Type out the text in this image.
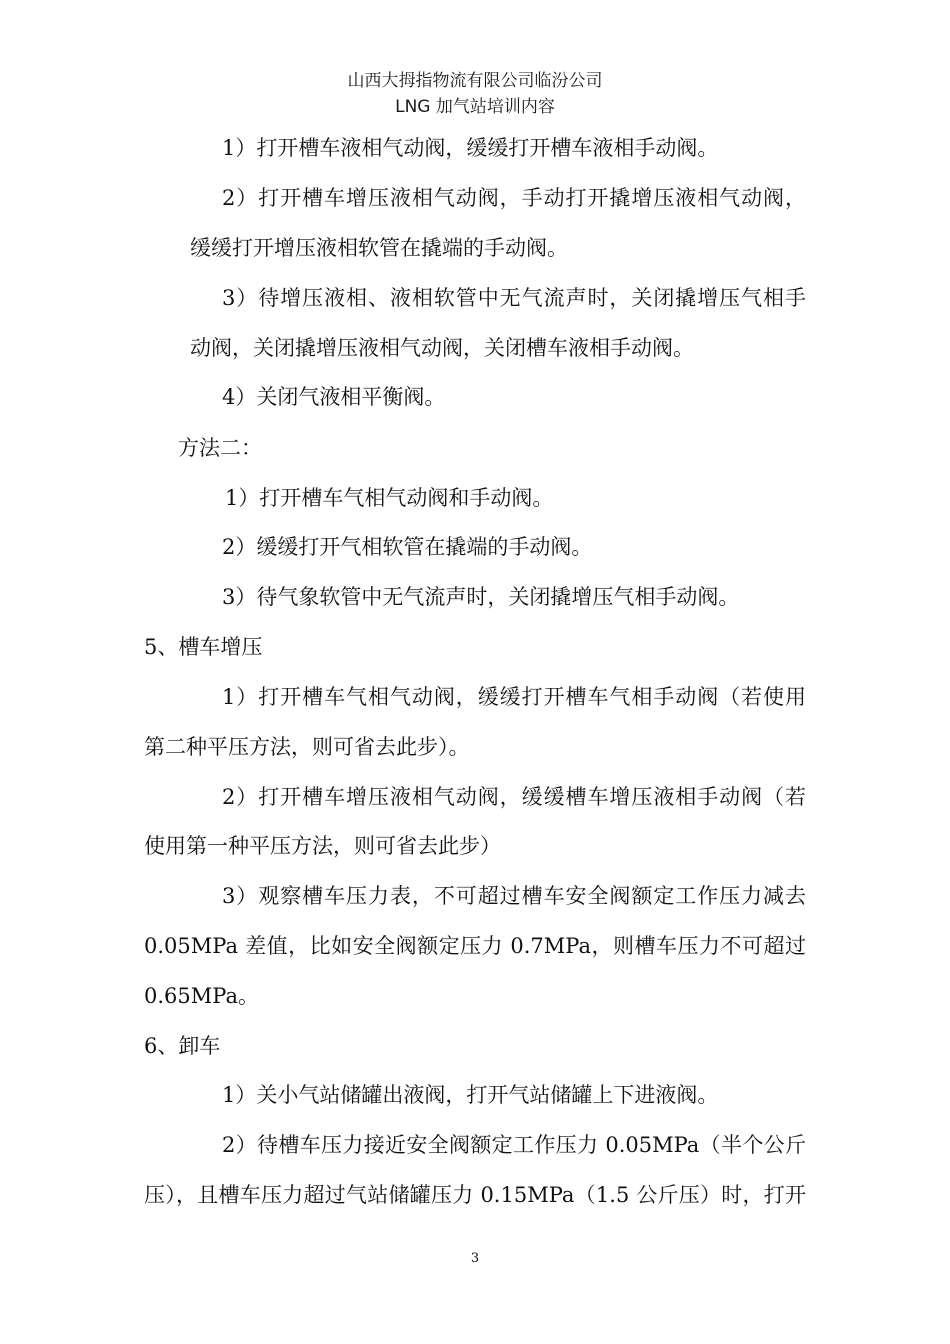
山西大拇指物流有限公司临汾公司
LNG 加气站培训内容
1）打开槽车液相气动阀，缓缓打开槽车液相手动阀。
2）打开槽车增压液相气动阀，手动打开撬增压液相气动阀，
缓缓打开增压液相软管在撬端的手动阀。
3）待增压液相、液相软管中无气流声时，关闭撬增压气相手
动阀，关闭撬增压液相气动阀，关闭槽车液相手动阀。
4）关闭气液相平衡阀。
方法二：
1）打开槽车气相气动阀和手动阀。
2）缓缓打开气相软管在撬端的手动阀。
3）待气象软管中无气流声时，关闭撬增压气相手动阀。
5、槽车增压
1）打开槽车气相气动阀，缓缓打开槽车气相手动阀（若使用
第二种平压方法，则可省去此步）。
2）打开槽车增压液相气动阀，缓缓槽车增压液相手动阀（若
使用第一种平压方法，则可省去此步）
3）观察槽车压力表，不可超过槽车安全阀额定工作压力减去
0.05MPa 差值，比如安全阀额定压力 0.7MPa，则槽车压力不可超过
0.65MPa。
6、卸车
1）关小气站储罐出液阀，打开气站储罐上下进液阀。
2）待槽车压力接近安全阀额定工作压力 0.05MPa（半个公斤
压），且槽车压力超过气站储罐压力 0.15MPa（1.5 公斤压）时，打开
3
